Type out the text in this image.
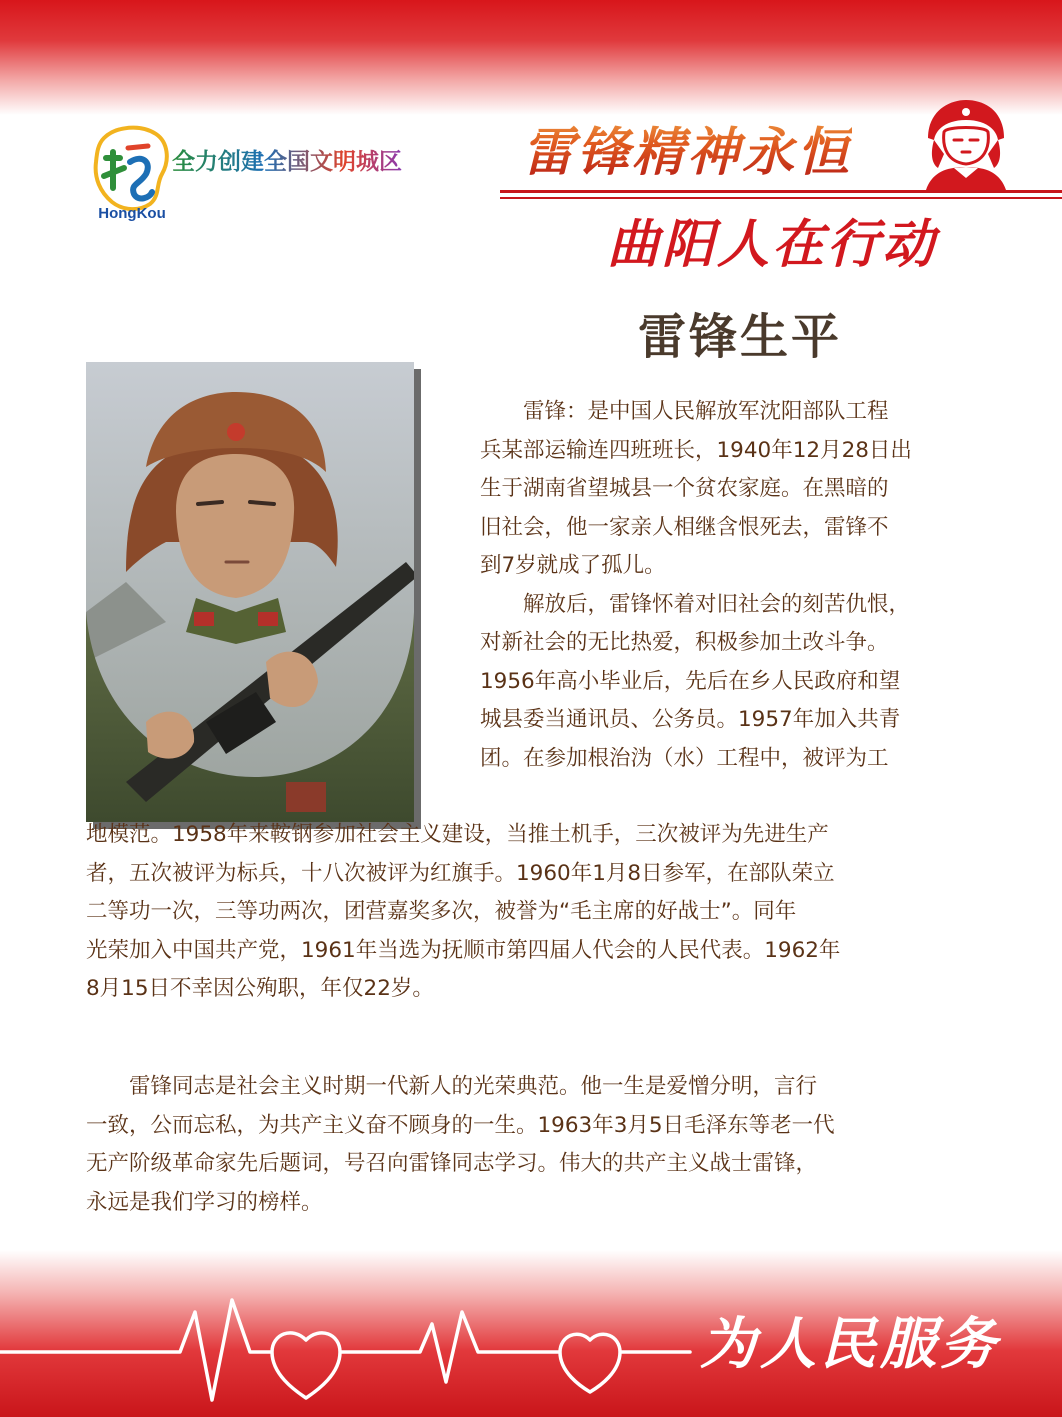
HongKou
全力创建全国文明城区 雷锋精神永恒
曲阳人在行动
雷锋生平
雷锋：是中国人民解放军沈阳部队工程
兵某部运输连四班班长，1940年12月28日出
生于湖南省望城县一个贫农家庭。在黑暗的
旧社会，他一家亲人相继含恨死去，雷锋不
到7岁就成了孤儿。
解放后，雷锋怀着对旧社会的刻苦仇恨，
对新社会的无比热爱，积极参加土改斗争。
1956年高小毕业后，先后在乡人民政府和望
城县委当通讯员、公务员。1957年加入共青
团。在参加根治沩（水）工程中，被评为工
地模范。1958年来鞍钢参加社会主义建设，当推土机手，三次被评为先进生产
者，五次被评为标兵，十八次被评为红旗手。1960年1月8日参军，在部队荣立
二等功一次，三等功两次，团营嘉奖多次，被誉为“毛主席的好战士”。同年
光荣加入中国共产党，1961年当选为抚顺市第四届人代会的人民代表。1962年
8月15日不幸因公殉职，年仅22岁。
雷锋同志是社会主义时期一代新人的光荣典范。他一生是爱憎分明，言行
一致，公而忘私，为共产主义奋不顾身的一生。1963年3月5日毛泽东等老一代
无产阶级革命家先后题词，号召向雷锋同志学习。伟大的共产主义战士雷锋，
永远是我们学习的榜样。
为人民服务
